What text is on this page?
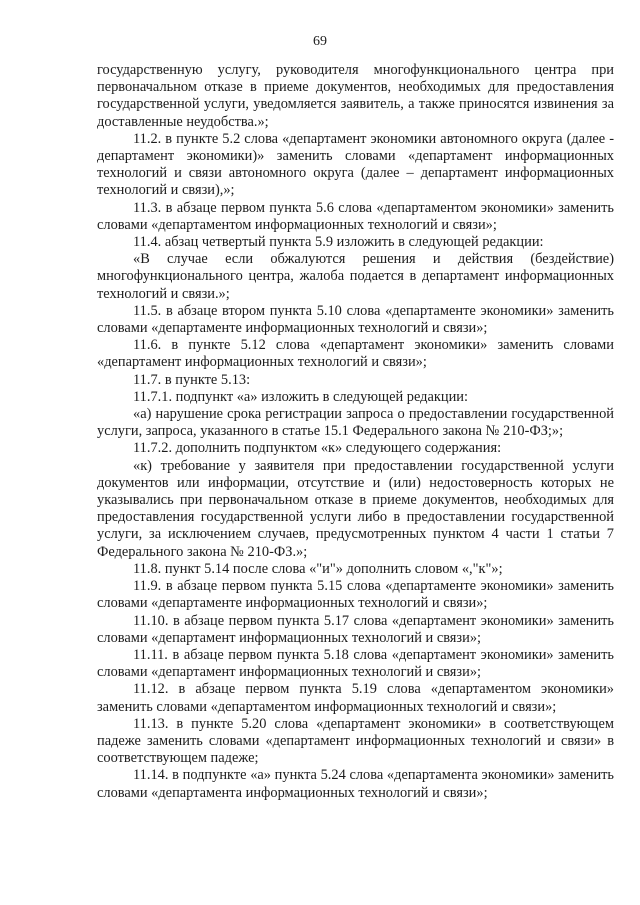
69

государственную услугу, руководителя многофункционального центра при первоначальном отказе в приеме документов, необходимых для предоставления государственной услуги, уведомляется заявитель, а также приносятся извинения за доставленные неудобства.»;

11.2. в пункте 5.2 слова «департамент экономики автономного округа (далее - департамент экономики)» заменить словами «департамент информационных технологий и связи автономного округа (далее – департамент информационных технологий и связи),»;

11.3. в абзаце первом пункта 5.6 слова «департаментом экономики» заменить словами «департаментом информационных технологий и связи»;

11.4. абзац четвертый пункта 5.9 изложить в следующей редакции:

«В случае если обжалуются решения и действия (бездействие) многофункционального центра, жалоба подается в департамент информационных технологий и связи.»;

11.5. в абзаце втором пункта 5.10 слова «департаменте экономики» заменить словами «департаменте информационных технологий и связи»;

11.6. в пункте 5.12 слова «департамент экономики» заменить словами «департамент информационных технологий и связи»;

11.7. в пункте 5.13:

11.7.1. подпункт «а» изложить в следующей редакции:

«а) нарушение срока регистрации запроса о предоставлении государственной услуги, запроса, указанного в статье 15.1 Федерального закона № 210-ФЗ;»;

11.7.2. дополнить подпунктом «к» следующего содержания:

«к) требование у заявителя при предоставлении государственной услуги документов или информации, отсутствие и (или) недостоверность которых не указывались при первоначальном отказе в приеме документов, необходимых для предоставления государственной услуги либо в предоставлении государственной услуги, за исключением случаев, предусмотренных пунктом 4 части 1 статьи 7 Федерального закона № 210-ФЗ.»;

11.8. пункт 5.14 после слова «"и"» дополнить словом «,"к"»;

11.9. в абзаце первом пункта 5.15 слова «департаменте экономики» заменить словами «департаменте информационных технологий и связи»;

11.10. в абзаце первом пункта 5.17 слова «департамент экономики» заменить словами «департамент информационных технологий и связи»;

11.11. в абзаце первом пункта 5.18 слова «департамент экономики» заменить словами «департамент информационных технологий и связи»;

11.12. в абзаце первом пункта 5.19 слова «департаментом экономики» заменить словами «департаментом информационных технологий и связи»;

11.13. в пункте 5.20 слова «департамент экономики» в соответствующем падеже заменить словами «департамент информационных технологий и связи» в соответствующем падеже;

11.14. в подпункте «а» пункта 5.24 слова «департамента экономики» заменить словами «департамента информационных технологий и связи»;
